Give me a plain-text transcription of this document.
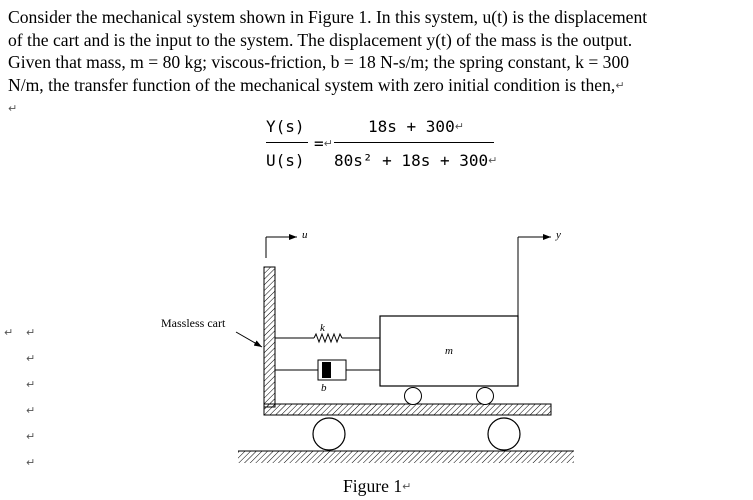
Consider the mechanical system shown in Figure 1. In this system, u(t) is the displacement

of the cart and is the input to the system. The displacement y(t) of the mass is the output.

Given that mass, m = 80 kg; viscous-friction, b = 18 N-s/m; the spring constant, k = 300

N/m, the transfer function of the mechanical system with zero initial condition is then,↵

↵

Y(s)
U(s)
=↵
18s + 300↵
80s² + 18s + 300↵
↵ ↵
↵
↵
↵
↵
↵
u
Massless cart	k
b
m
y
Figure 1↵
